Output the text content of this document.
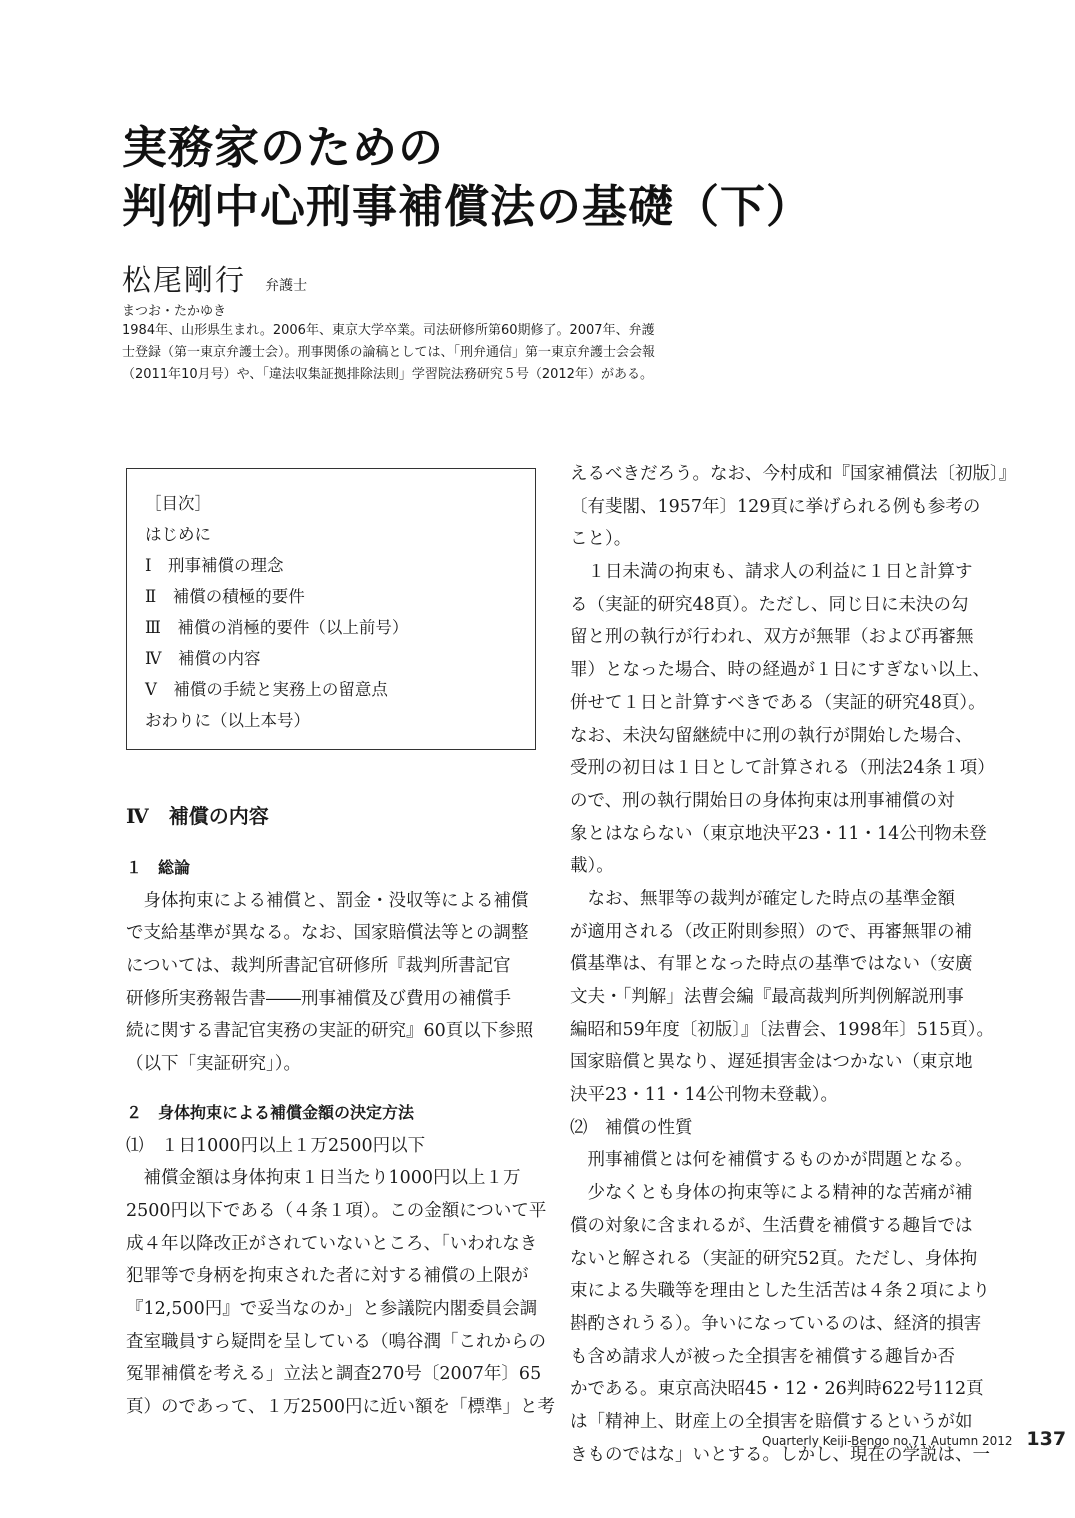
実務家のための
判例中心刑事補償法の基礎（下）
松尾剛行 弁護士
まつお・たかゆき
1984年、山形県生まれ。2006年、東京大学卒業。司法研修所第60期修了。2007年、弁護
士登録（第一東京弁護士会）。刑事関係の論稿としては、「刑弁通信」第一東京弁護士会会報
（2011年10月号）や、「違法収集証拠排除法則」学習院法務研究５号（2012年）がある。
［目次］
はじめに
Ⅰ　刑事補償の理念
Ⅱ　補償の積極的要件
Ⅲ　補償の消極的要件（以上前号）
Ⅳ　補償の内容
Ⅴ　補償の手続と実務上の留意点
おわりに（以上本号）
Ⅳ　補償の内容
１　総論
　身体拘束による補償と、罰金・没収等による補償
で支給基準が異なる。なお、国家賠償法等との調整
については、裁判所書記官研修所『裁判所書記官
研修所実務報告書――刑事補償及び費用の補償手
続に関する書記官実務の実証的研究』60頁以下参照
（以下「実証研究」）。
２　身体拘束による補償金額の決定方法
⑴　１日1000円以上１万2500円以下
　補償金額は身体拘束１日当たり1000円以上１万
2500円以下である（４条１項）。この金額について平
成４年以降改正がされていないところ、「いわれなき
犯罪等で身柄を拘束された者に対する補償の上限が
『12,500円』で妥当なのか」と参議院内閣委員会調
査室職員すら疑問を呈している（鳴谷潤「これからの
冤罪補償を考える」立法と調査270号〔2007年〕65
頁）のであって、１万2500円に近い額を「標準」と考
えるべきだろう。なお、今村成和『国家補償法〔初版〕』
〔有斐閣、1957年〕129頁に挙げられる例も参考の
こと）。
　１日未満の拘束も、請求人の利益に１日と計算す
る（実証的研究48頁）。ただし、同じ日に未決の勾
留と刑の執行が行われ、双方が無罪（および再審無
罪）となった場合、時の経過が１日にすぎない以上、
併せて１日と計算すべきである（実証的研究48頁）。
なお、未決勾留継続中に刑の執行が開始した場合、
受刑の初日は１日として計算される（刑法24条１項）
ので、刑の執行開始日の身体拘束は刑事補償の対
象とはならない（東京地決平23・11・14公刊物未登
載）。
　なお、無罪等の裁判が確定した時点の基準金額
が適用される（改正附則参照）ので、再審無罪の補
償基準は、有罪となった時点の基準ではない（安廣
文夫・「判解」法曹会編『最高裁判所判例解説刑事
編昭和59年度〔初版〕』〔法曹会、1998年〕515頁）。
国家賠償と異なり、遅延損害金はつかない（東京地
決平23・11・14公刊物未登載）。
⑵　補償の性質
　刑事補償とは何を補償するものかが問題となる。
　少なくとも身体の拘束等による精神的な苦痛が補
償の対象に含まれるが、生活費を補償する趣旨では
ないと解される（実証的研究52頁。ただし、身体拘
束による失職等を理由とした生活苦は４条２項により
斟酌されうる）。争いになっているのは、経済的損害
も含め請求人が被った全損害を補償する趣旨か否
かである。東京高決昭45・12・26判時622号112頁
は「精神上、財産上の全損害を賠償するというが如
きものではな」いとする。しかし、現在の学説は、一
Quarterly Keiji-Bengo no.71 Autumn 2012 137
